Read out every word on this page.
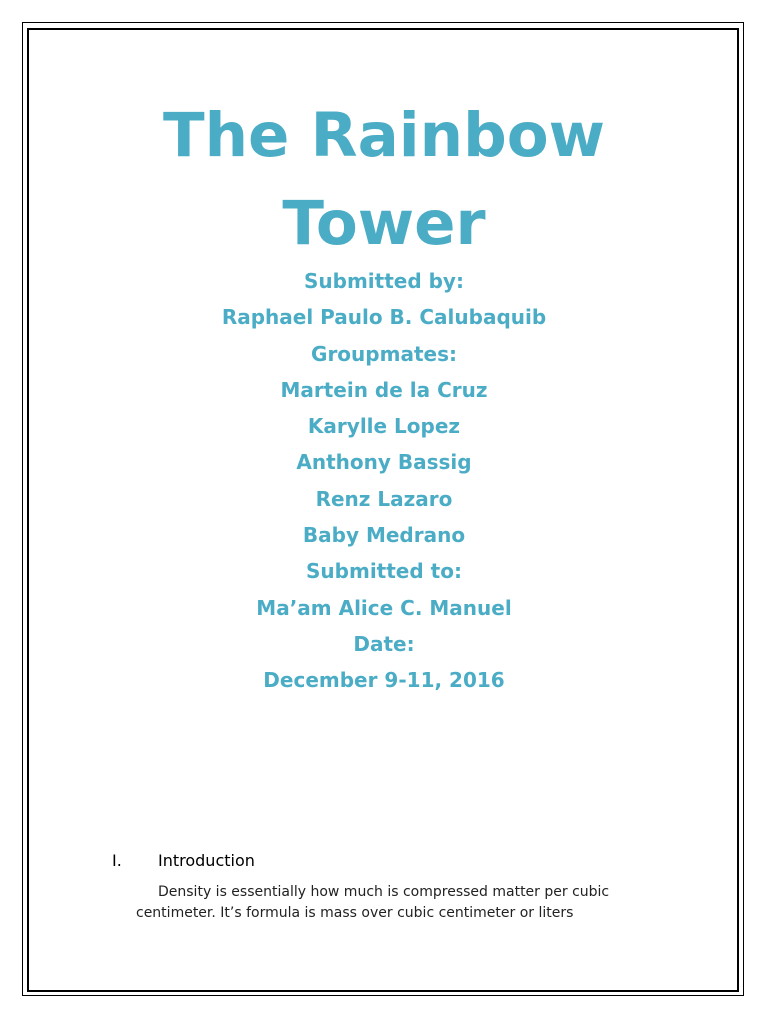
The Rainbow
Tower
Submitted by:
Raphael Paulo B. Calubaquib
Groupmates:
Martein de la Cruz
Karylle Lopez
Anthony Bassig
Renz Lazaro
Baby Medrano
Submitted to:
Ma’am Alice C. Manuel
Date:
December 9-11, 2016
I. Introduction
Density is essentially how much is compressed matter per cubic
centimeter. It’s formula is mass over cubic centimeter or liters
